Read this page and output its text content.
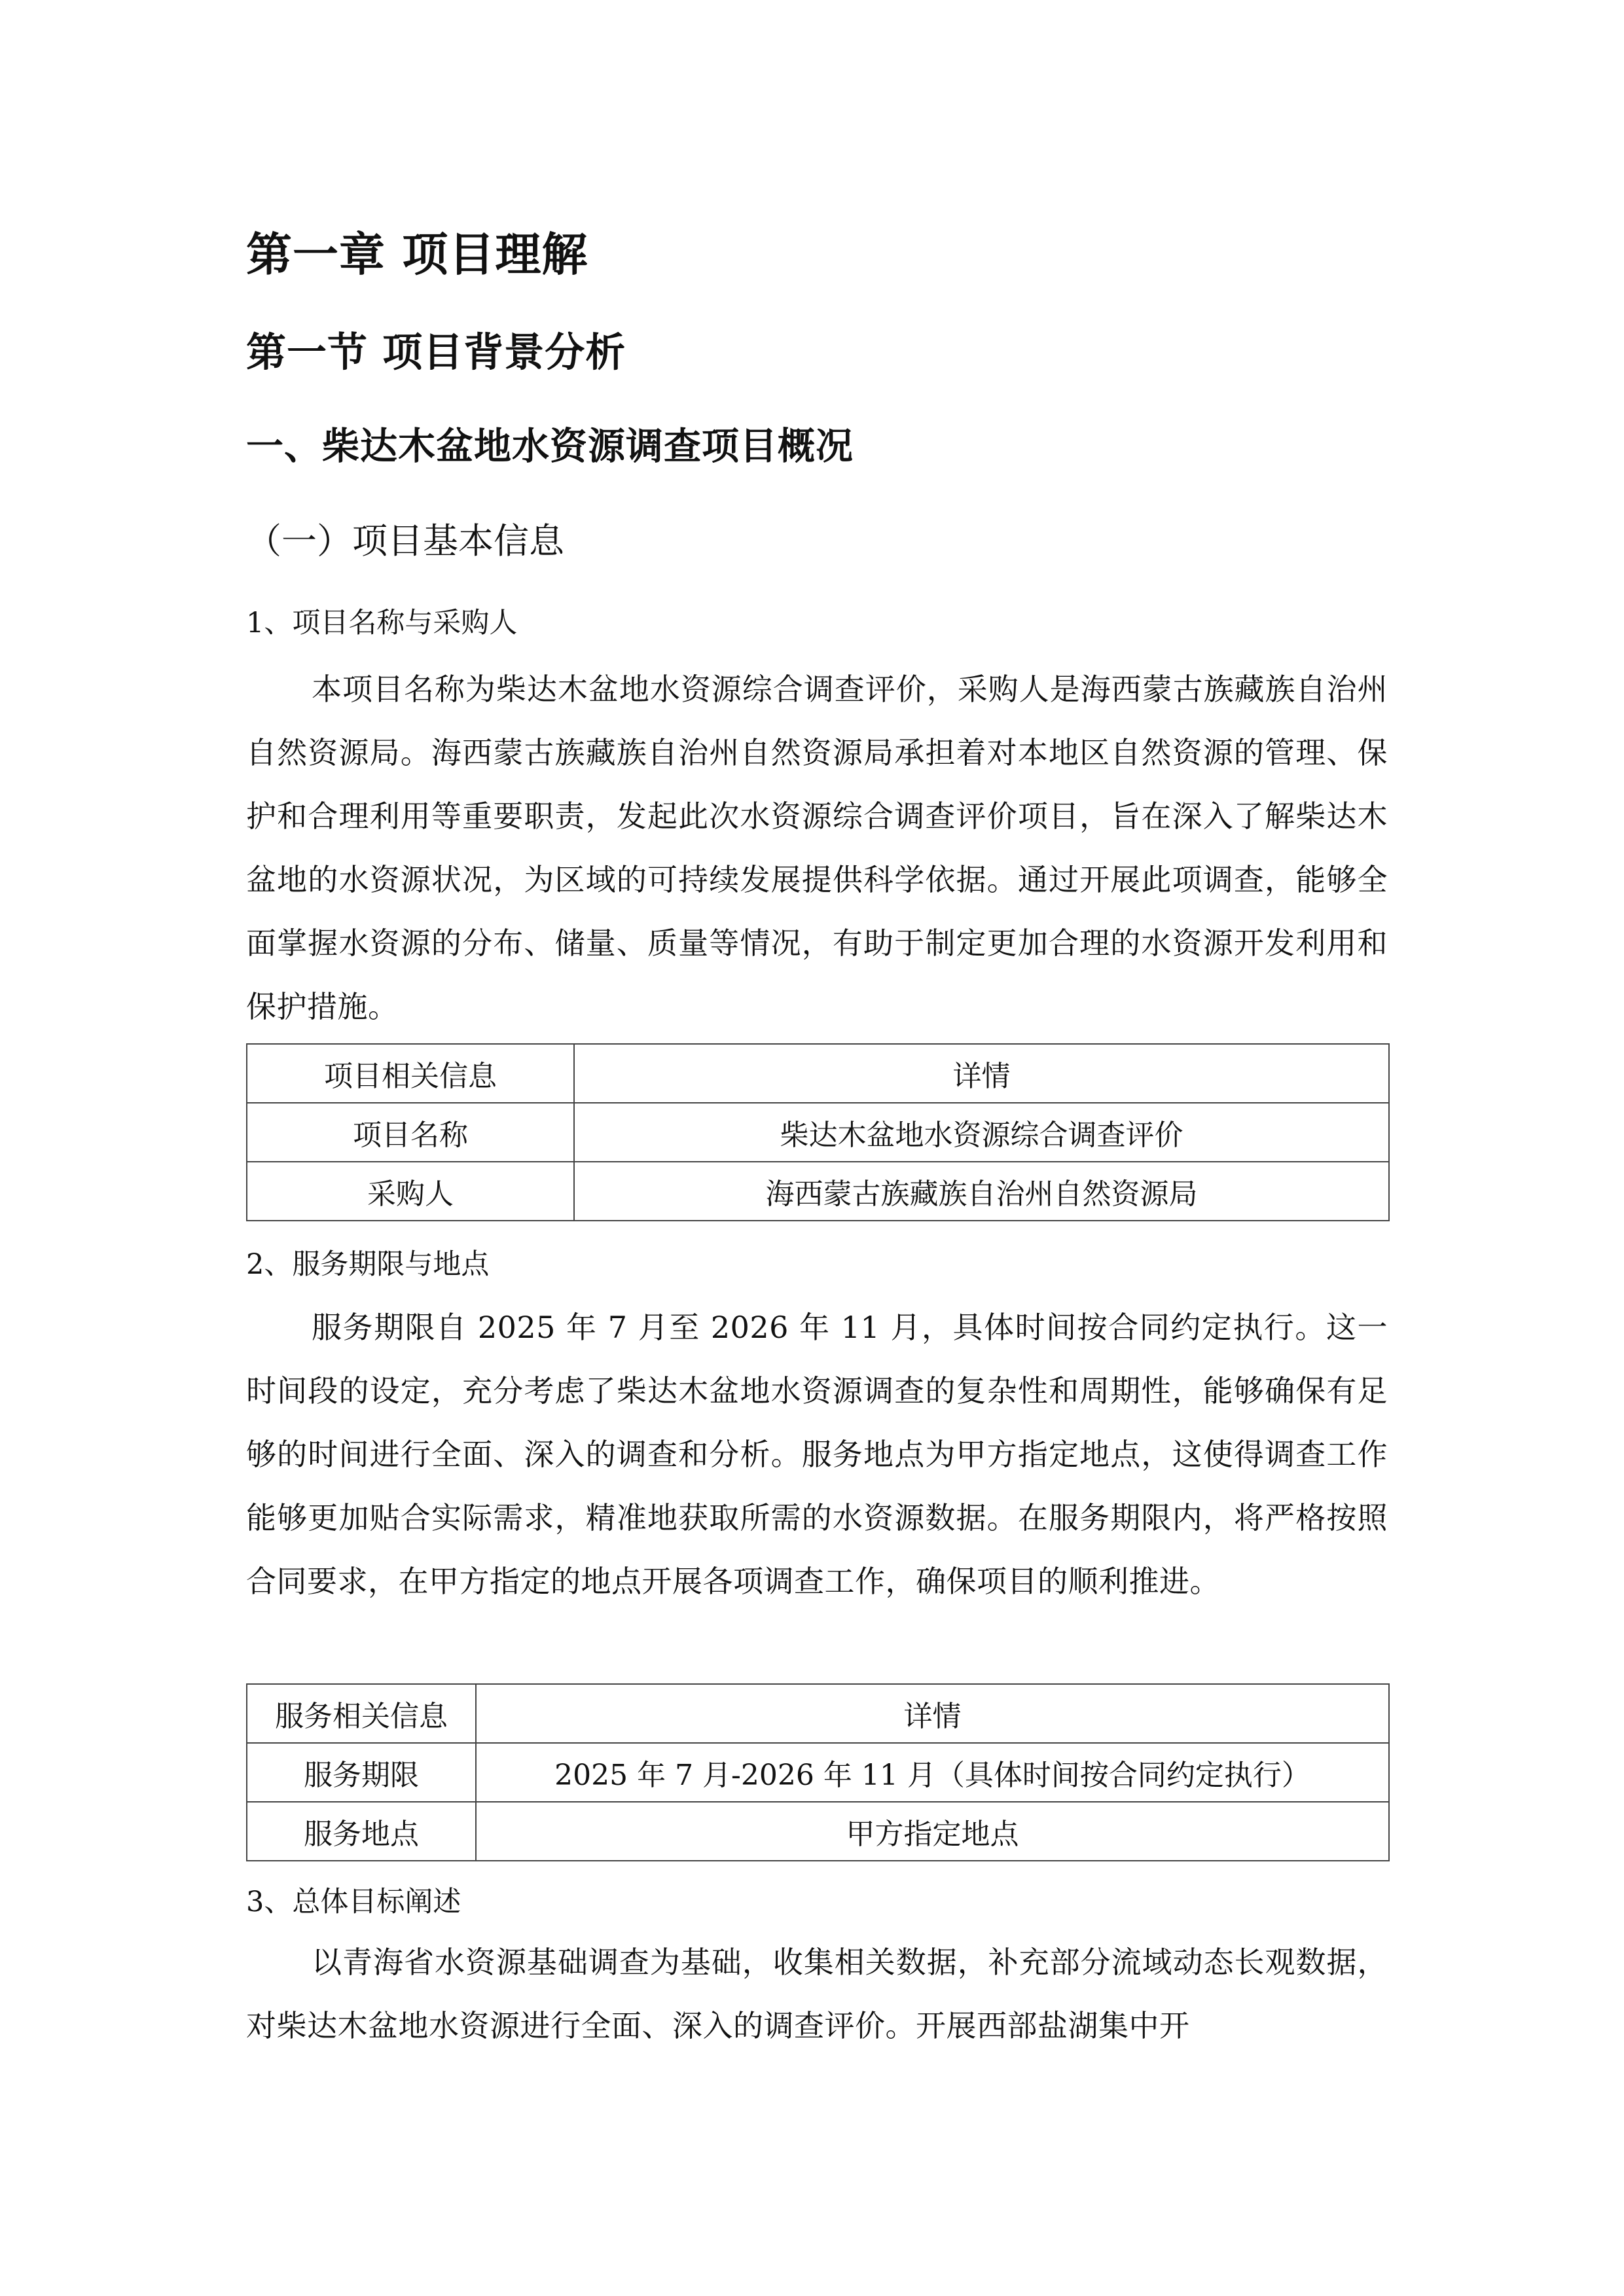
第一章 项目理解
第一节 项目背景分析
一、柴达木盆地水资源调查项目概况
（一）项目基本信息
1、项目名称与采购人

本项目名称为柴达木盆地水资源综合调查评价，采购人是海西蒙古族藏族自治州自然资源局。海西蒙古族藏族自治州自然资源局承担着对本地区自然资源的管理、保护和合理利用等重要职责，发起此次水资源综合调查评价项目，旨在深入了解柴达木盆地的水资源状况，为区域的可持续发展提供科学依据。通过开展此项调查，能够全面掌握水资源的分布、储量、质量等情况，有助于制定更加合理的水资源开发利用和保护措施。

项目相关信息	详情
项目名称	柴达木盆地水资源综合调查评价
采购人	海西蒙古族藏族自治州自然资源局
2、服务期限与地点

服务期限自 2025 年 7 月至 2026 年 11 月，具体时间按合同约定执行。这一时间段的设定，充分考虑了柴达木盆地水资源调查的复杂性和周期性，能够确保有足够的时间进行全面、深入的调查和分析。服务地点为甲方指定地点，这使得调查工作能够更加贴合实际需求，精准地获取所需的水资源数据。在服务期限内，将严格按照合同要求，在甲方指定的地点开展各项调查工作，确保项目的顺利推进。

服务相关信息	详情
服务期限	2025 年 7 月-2026 年 11 月（具体时间按合同约定执行）
服务地点	甲方指定地点
3、总体目标阐述

以青海省水资源基础调查为基础，收集相关数据，补充部分流域动态长观数据，对柴达木盆地水资源进行全面、深入的调查评价。开展西部盐湖集中开
